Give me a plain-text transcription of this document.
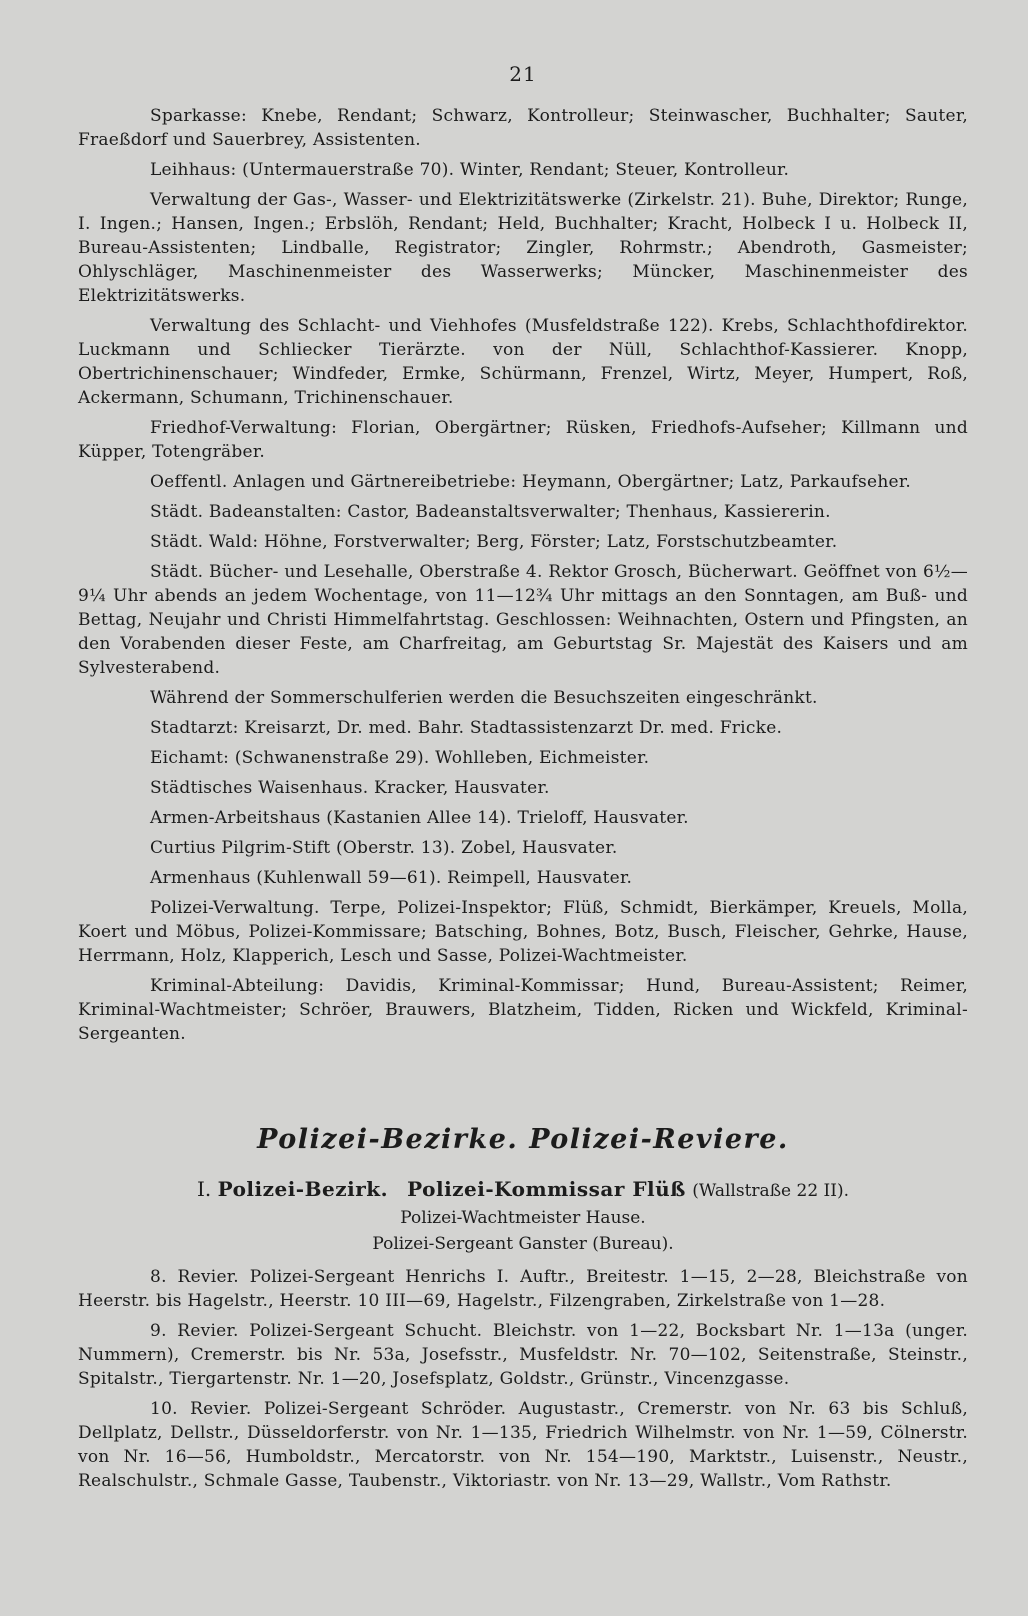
21

Sparkasse: Knebe, Rendant; Schwarz, Kontrolleur; Steinwascher, Buchhalter; Sauter, Fraeßdorf und Sauerbrey, Assistenten.

Leihhaus: (Untermauerstraße 70). Winter, Rendant; Steuer, Kontrolleur.

Verwaltung der Gas-, Wasser- und Elektrizitätswerke (Zirkelstr. 21). Buhe, Direktor; Runge, I. Ingen.; Hansen, Ingen.; Erbslöh, Rendant; Held, Buchhalter; Kracht, Holbeck I u. Holbeck II, Bureau-Assistenten; Lindballe, Registrator; Zingler, Rohrmstr.; Abendroth, Gasmeister; Ohlyschläger, Maschinenmeister des Wasserwerks; Müncker, Maschinenmeister des Elektrizitätswerks.

Verwaltung des Schlacht- und Viehhofes (Musfeldstraße 122). Krebs, Schlachthofdirektor. Luckmann und Schliecker Tierärzte. von der Nüll, Schlachthof-Kassierer. Knopp, Obertrichinenschauer; Windfeder, Ermke, Schürmann, Frenzel, Wirtz, Meyer, Humpert, Roß, Ackermann, Schumann, Trichinenschauer.

Friedhof-Verwaltung: Florian, Obergärtner; Rüsken, Friedhofs-Aufseher; Killmann und Küpper, Totengräber.

Oeffentl. Anlagen und Gärtnereibetriebe: Heymann, Obergärtner; Latz, Parkaufseher.

Städt. Badeanstalten: Castor, Badeanstaltsverwalter; Thenhaus, Kassiererin.

Städt. Wald: Höhne, Forstverwalter; Berg, Förster; Latz, Forstschutzbeamter.

Städt. Bücher- und Lesehalle, Oberstraße 4. Rektor Grosch, Bücherwart. Geöffnet von 6½—9¼ Uhr abends an jedem Wochentage, von 11—12¾ Uhr mittags an den Sonntagen, am Buß- und Bettag, Neujahr und Christi Himmelfahrtstag. Geschlossen: Weihnachten, Ostern und Pfingsten, an den Vorabenden dieser Feste, am Charfreitag, am Geburtstag Sr. Majestät des Kaisers und am Sylvesterabend.

Während der Sommerschulferien werden die Besuchszeiten eingeschränkt.

Stadtarzt: Kreisarzt, Dr. med. Bahr. Stadtassistenzarzt Dr. med. Fricke.

Eichamt: (Schwanenstraße 29). Wohlleben, Eichmeister.

Städtisches Waisenhaus. Kracker, Hausvater.

Armen-Arbeitshaus (Kastanien Allee 14). Trieloff, Hausvater.

Curtius Pilgrim-Stift (Oberstr. 13). Zobel, Hausvater.

Armenhaus (Kuhlenwall 59—61). Reimpell, Hausvater.

Polizei-Verwaltung. Terpe, Polizei-Inspektor; Flüß, Schmidt, Bierkämper, Kreuels, Molla, Koert und Möbus, Polizei-Kommissare; Batsching, Bohnes, Botz, Busch, Fleischer, Gehrke, Hause, Herrmann, Holz, Klapperich, Lesch und Sasse, Polizei-Wachtmeister.

Kriminal-Abteilung: Davidis, Kriminal-Kommissar; Hund, Bureau-Assistent; Reimer, Kriminal-Wachtmeister; Schröer, Brauwers, Blatzheim, Tidden, Ricken und Wickfeld, Kriminal-Sergeanten.

Polizei-Bezirke. Polizei-Reviere.
I. Polizei-Bezirk. Polizei-Kommissar Flüß (Wallstraße 22 II).

Polizei-Wachtmeister Hause.

Polizei-Sergeant Ganster (Bureau).

8. Revier. Polizei-Sergeant Henrichs I. Auftr., Breitestr. 1—15, 2—28, Bleichstraße von Heerstr. bis Hagelstr., Heerstr. 10 III—69, Hagelstr., Filzengraben, Zirkelstraße von 1—28.

9. Revier. Polizei-Sergeant Schucht. Bleichstr. von 1—22, Bocksbart Nr. 1—13a (unger. Nummern), Cremerstr. bis Nr. 53a, Josefsstr., Musfeldstr. Nr. 70—102, Seitenstraße, Steinstr., Spitalstr., Tiergartenstr. Nr. 1—20, Josefsplatz, Goldstr., Grünstr., Vincenzgasse.

10. Revier. Polizei-Sergeant Schröder. Augustastr., Cremerstr. von Nr. 63 bis Schluß, Dellplatz, Dellstr., Düsseldorferstr. von Nr. 1—135, Friedrich Wilhelmstr. von Nr. 1—59, Cölnerstr. von Nr. 16—56, Humboldstr., Mercatorstr. von Nr. 154—190, Marktstr., Luisenstr., Neustr., Realschulstr., Schmale Gasse, Taubenstr., Viktoriastr. von Nr. 13—29, Wallstr., Vom Rathstr.
